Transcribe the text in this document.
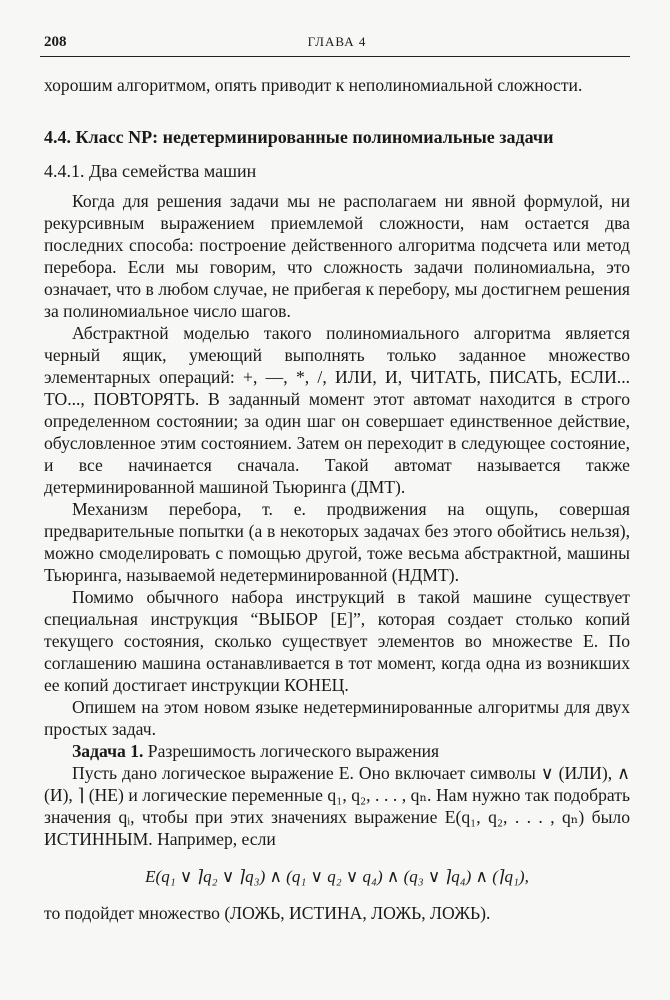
208	ГЛАВА 4

хорошим алгоритмом, опять приводит к неполиномиальной сложности.

4.4. Класс NP: недетерминированные полиномиальные задачи

4.4.1. Два семейства машин

Когда для решения задачи мы не располагаем ни явной формулой, ни рекурсивным выражением приемлемой сложности, нам остается два последних способа: построение действенного алгоритма подсчета или метод перебора. Если мы говорим, что сложность задачи полиномиальна, это означает, что в любом случае, не прибегая к перебору, мы достигнем решения за полиномиальное число шагов.

Абстрактной моделью такого полиномиального алгоритма является черный ящик, умеющий выполнять только заданное множество элементарных операций: +, —, *, /, ИЛИ, И, ЧИТАТЬ, ПИСАТЬ, ЕСЛИ... ТО..., ПОВТОРЯТЬ. В заданный момент этот автомат находится в строго определенном состоянии; за один шаг он совершает единственное действие, обусловленное этим состоянием. Затем он переходит в следующее состояние, и все начинается сначала. Такой автомат называется также детерминированной машиной Тьюринга (ДМТ).

Механизм перебора, т. е. продвижения на ощупь, совершая предварительные попытки (а в некоторых задачах без этого обойтись нельзя), можно смоделировать с помощью другой, тоже весьма абстрактной, машины Тьюринга, называемой недетерминированной (НДМТ).

Помимо обычного набора инструкций в такой машине существует специальная инструкция “ВЫБОР [E]”, которая создает столько копий текущего состояния, сколько существует элементов во множестве E. По соглашению машина останавливается в тот момент, когда одна из возникших ее копий достигает инструкции КОНЕЦ.

Опишем на этом новом языке недетерминированные алгоритмы для двух простых задач.

Задача 1. Разрешимость логического выражения

Пусть дано логическое выражение E. Оно включает символы ∨ (ИЛИ), ∧ (И), ⌉ (НЕ) и логические переменные q₁, q₂, . . . , qₙ. Нам нужно так подобрать значения qᵢ, чтобы при этих значениях выражение E(q₁, q₂, . . . , qₙ) было ИСТИННЫМ. Например, если

E(q₁ ∨ ⌉q₂ ∨ ⌉q₃) ∧ (q₁ ∨ q₂ ∨ q₄) ∧ (q₃ ∨ ⌉q₄) ∧ (⌉q₁),

то подойдет множество (ЛОЖЬ, ИСТИНА, ЛОЖЬ, ЛОЖЬ).
